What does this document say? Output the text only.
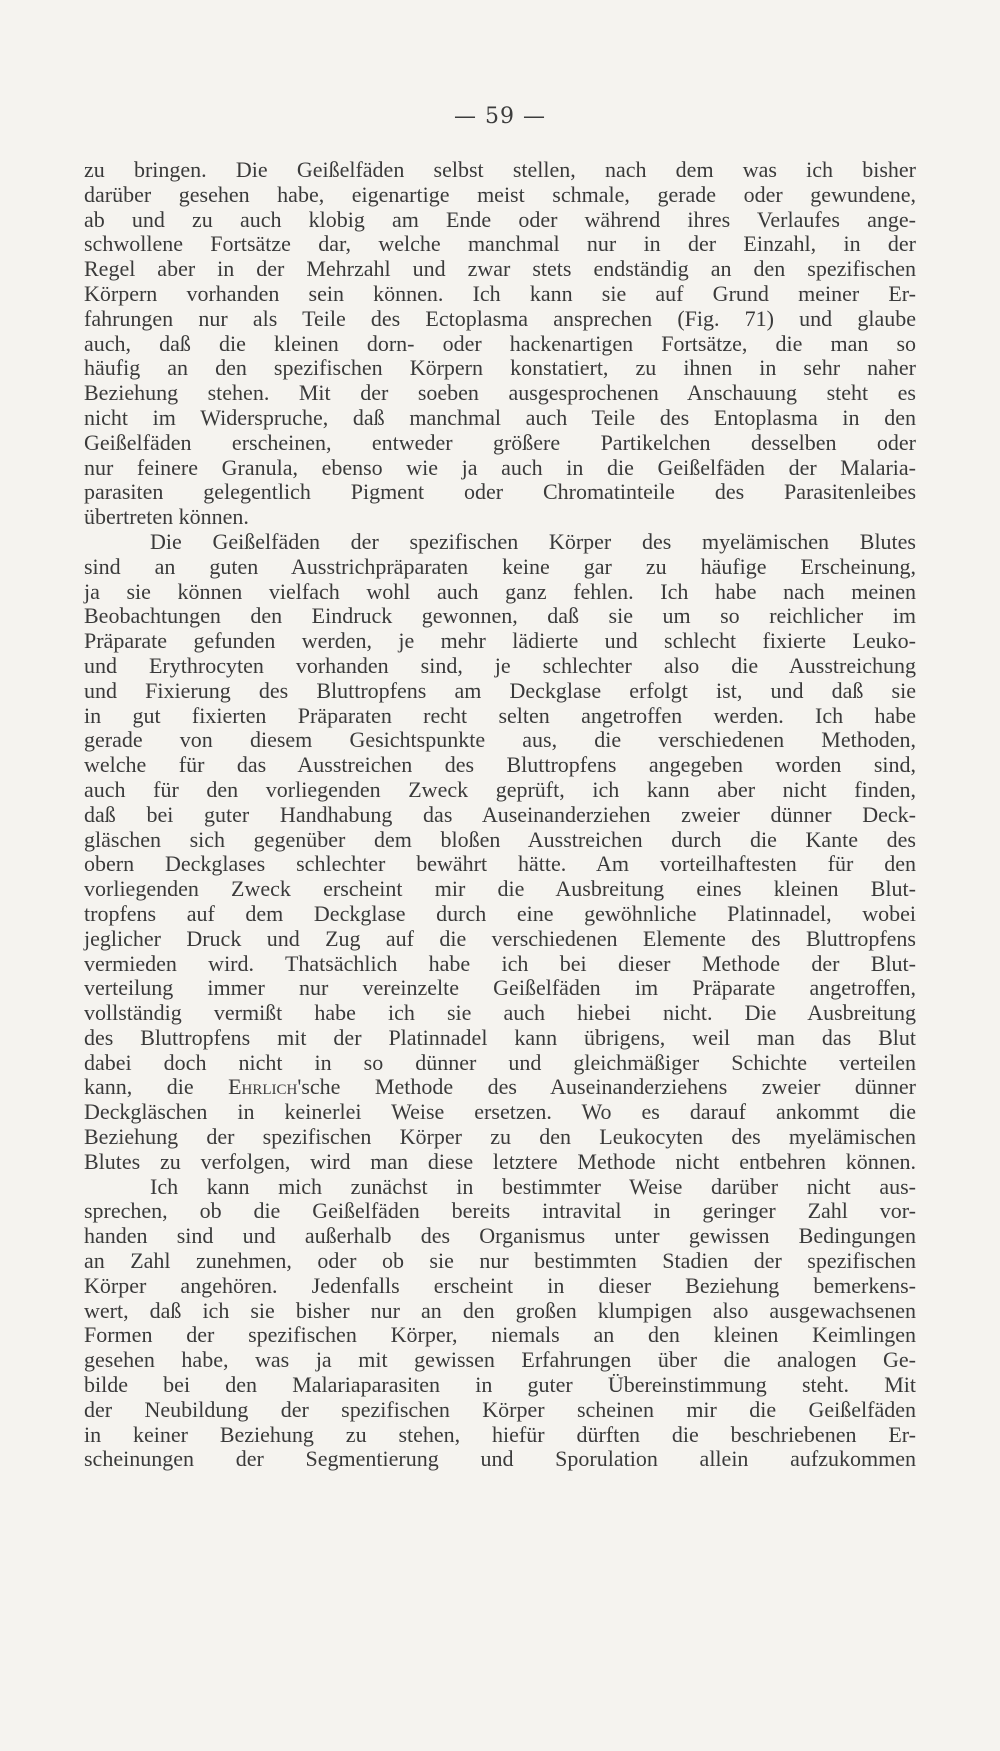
— 59 —
zu bringen. Die Geißelfäden selbst stellen, nach dem was ich bisher
darüber gesehen habe, eigenartige meist schmale, gerade oder gewundene,
ab und zu auch klobig am Ende oder während ihres Verlaufes ange-
schwollene Fortsätze dar, welche manchmal nur in der Einzahl, in der
Regel aber in der Mehrzahl und zwar stets endständig an den spezifischen
Körpern vorhanden sein können. Ich kann sie auf Grund meiner Er-
fahrungen nur als Teile des Ectoplasma ansprechen (Fig. 71) und glaube
auch, daß die kleinen dorn- oder hackenartigen Fortsätze, die man so
häufig an den spezifischen Körpern konstatiert, zu ihnen in sehr naher
Beziehung stehen. Mit der soeben ausgesprochenen Anschauung steht es
nicht im Widerspruche, daß manchmal auch Teile des Entoplasma in den
Geißelfäden erscheinen, entweder größere Partikelchen desselben oder
nur feinere Granula, ebenso wie ja auch in die Geißelfäden der Malaria-
parasiten gelegentlich Pigment oder Chromatinteile des Parasitenleibes
übertreten können.
Die Geißelfäden der spezifischen Körper des myelämischen Blutes
sind an guten Ausstrichpräparaten keine gar zu häufige Erscheinung,
ja sie können vielfach wohl auch ganz fehlen. Ich habe nach meinen
Beobachtungen den Eindruck gewonnen, daß sie um so reichlicher im
Präparate gefunden werden, je mehr lädierte und schlecht fixierte Leuko-
und Erythrocyten vorhanden sind, je schlechter also die Ausstreichung
und Fixierung des Bluttropfens am Deckglase erfolgt ist, und daß sie
in gut fixierten Präparaten recht selten angetroffen werden. Ich habe
gerade von diesem Gesichtspunkte aus, die verschiedenen Methoden,
welche für das Ausstreichen des Bluttropfens angegeben worden sind,
auch für den vorliegenden Zweck geprüft, ich kann aber nicht finden,
daß bei guter Handhabung das Auseinanderziehen zweier dünner Deck-
gläschen sich gegenüber dem bloßen Ausstreichen durch die Kante des
obern Deckglases schlechter bewährt hätte. Am vorteilhaftesten für den
vorliegenden Zweck erscheint mir die Ausbreitung eines kleinen Blut-
tropfens auf dem Deckglase durch eine gewöhnliche Platinnadel, wobei
jeglicher Druck und Zug auf die verschiedenen Elemente des Bluttropfens
vermieden wird. Thatsächlich habe ich bei dieser Methode der Blut-
verteilung immer nur vereinzelte Geißelfäden im Präparate angetroffen,
vollständig vermißt habe ich sie auch hiebei nicht. Die Ausbreitung
des Bluttropfens mit der Platinnadel kann übrigens, weil man das Blut
dabei doch nicht in so dünner und gleichmäßiger Schichte verteilen
kann, die Ehrlich'sche Methode des Auseinanderziehens zweier dünner
Deckgläschen in keinerlei Weise ersetzen. Wo es darauf ankommt die
Beziehung der spezifischen Körper zu den Leukocyten des myelämischen
Blutes zu verfolgen, wird man diese letztere Methode nicht entbehren können.
Ich kann mich zunächst in bestimmter Weise darüber nicht aus-
sprechen, ob die Geißelfäden bereits intravital in geringer Zahl vor-
handen sind und außerhalb des Organismus unter gewissen Bedingungen
an Zahl zunehmen, oder ob sie nur bestimmten Stadien der spezifischen
Körper angehören. Jedenfalls erscheint in dieser Beziehung bemerkens-
wert, daß ich sie bisher nur an den großen klumpigen also ausgewachsenen
Formen der spezifischen Körper, niemals an den kleinen Keimlingen
gesehen habe, was ja mit gewissen Erfahrungen über die analogen Ge-
bilde bei den Malariaparasiten in guter Übereinstimmung steht. Mit
der Neubildung der spezifischen Körper scheinen mir die Geißelfäden
in keiner Beziehung zu stehen, hiefür dürften die beschriebenen Er-
scheinungen der Segmentierung und Sporulation allein aufzukommen
